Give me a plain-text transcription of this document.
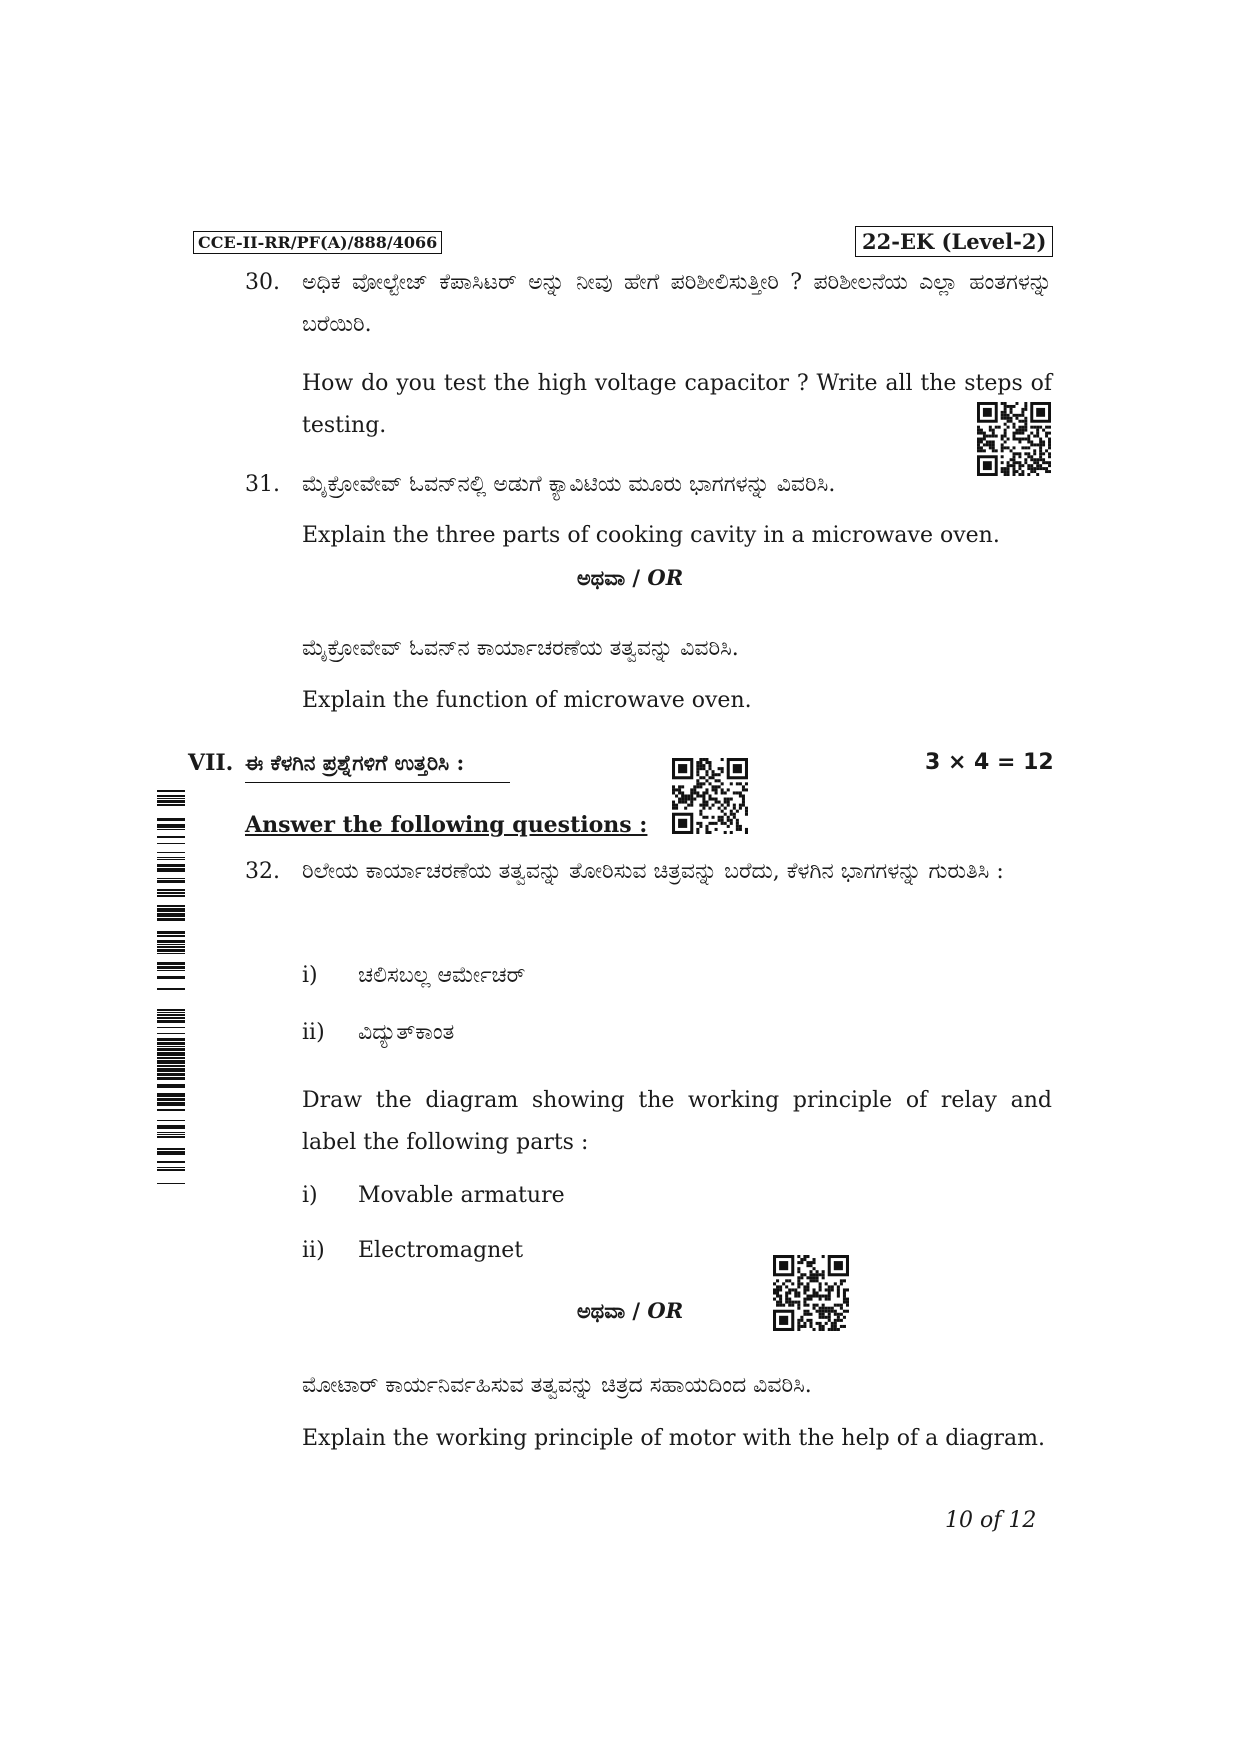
CCE-II-RR/PF(A)/888/4066	22-EK (Level-2)
30. ಅಧಿಕ ವೋಲ್ಟೇಜ್ ಕೆಪಾಸಿಟರ್ ಅನ್ನು ನೀವು ಹೇಗೆ ಪರಿಶೀಲಿಸುತ್ತೀರಿ ? ಪರಿಶೀಲನೆಯ ಎಲ್ಲಾ ಹಂತಗಳನ್ನು ಬರೆಯಿರಿ.
How do you test the high voltage capacitor ? Write all the steps of testing.
31. ಮೈಕ್ರೋವೇವ್ ಓವನ್‌ನಲ್ಲಿ ಅಡುಗೆ ಕ್ಯಾವಿಟಿಯ ಮೂರು ಭಾಗಗಳನ್ನು ವಿವರಿಸಿ.
Explain the three parts of cooking cavity in a microwave oven.
ಅಥವಾ / OR
ಮೈಕ್ರೋವೇವ್ ಓವನ್‌ನ ಕಾರ್ಯಾಚರಣೆಯ ತತ್ವವನ್ನು ವಿವರಿಸಿ.
Explain the function of microwave oven.
VII. ಈ ಕೆಳಗಿನ ಪ್ರಶ್ನೆಗಳಿಗೆ ಉತ್ತರಿಸಿ :	3 × 4 = 12
Answer the following questions :
32. ರಿಲೇಯ ಕಾರ್ಯಾಚರಣೆಯ ತತ್ವವನ್ನು ತೋರಿಸುವ ಚಿತ್ರವನ್ನು ಬರೆದು, ಕೆಳಗಿನ ಭಾಗಗಳನ್ನು ಗುರುತಿಸಿ :
i) ಚಲಿಸಬಲ್ಲ ಆರ್ಮೇಚರ್
ii) ವಿದ್ಯುತ್‌ಕಾಂತ
Draw the diagram showing the working principle of relay and label the following parts :
i) Movable armature
ii) Electromagnet
ಅಥವಾ / OR
ಮೋಟಾರ್ ಕಾರ್ಯನಿರ್ವಹಿಸುವ ತತ್ವವನ್ನು ಚಿತ್ರದ ಸಹಾಯದಿಂದ ವಿವರಿಸಿ.
Explain the working principle of motor with the help of a diagram.
10 of 12
